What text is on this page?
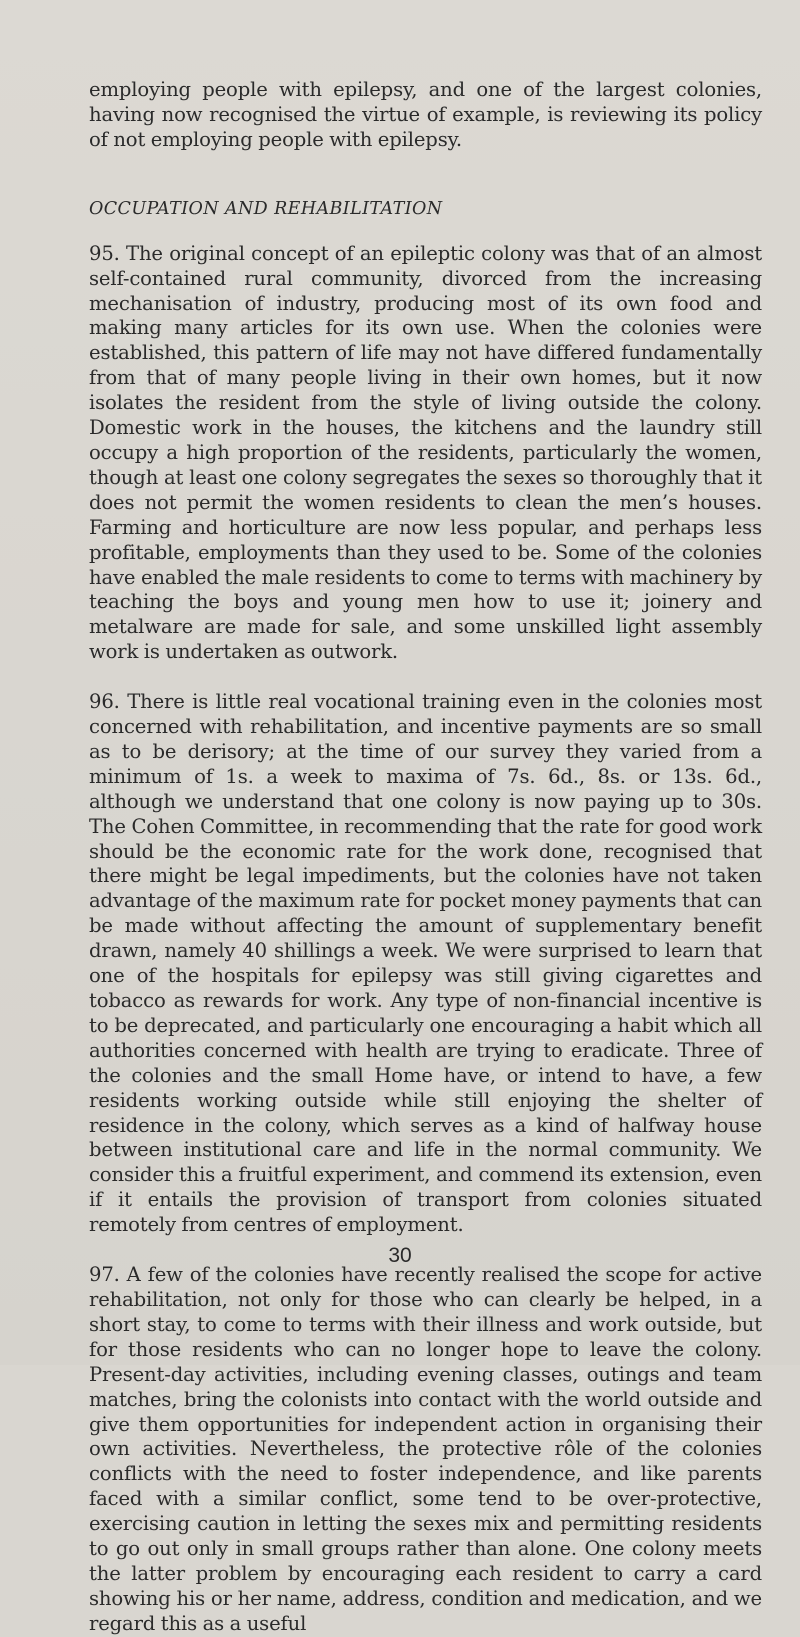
employing people with epilepsy, and one of the largest colonies, having now recognised the virtue of example, is reviewing its policy of not employing people with epilepsy.

OCCUPATION AND REHABILITATION

95. The original concept of an epileptic colony was that of an almost self-contained rural community, divorced from the increasing mechanisation of industry, producing most of its own food and making many articles for its own use. When the colonies were established, this pattern of life may not have differed fundamentally from that of many people living in their own homes, but it now isolates the resident from the style of living outside the colony. Domestic work in the houses, the kitchens and the laundry still occupy a high proportion of the residents, particularly the women, though at least one colony segregates the sexes so thoroughly that it does not permit the women residents to clean the men’s houses. Farming and horticulture are now less popular, and perhaps less profitable, employments than they used to be. Some of the colonies have enabled the male residents to come to terms with machinery by teaching the boys and young men how to use it; joinery and metalware are made for sale, and some unskilled light assembly work is undertaken as outwork.

96. There is little real vocational training even in the colonies most concerned with rehabilitation, and incentive payments are so small as to be derisory; at the time of our survey they varied from a minimum of 1s. a week to maxima of 7s. 6d., 8s. or 13s. 6d., although we understand that one colony is now paying up to 30s. The Cohen Committee, in recommending that the rate for good work should be the economic rate for the work done, recognised that there might be legal impediments, but the colonies have not taken advantage of the maximum rate for pocket money payments that can be made without affecting the amount of supplementary benefit drawn, namely 40 shillings a week. We were surprised to learn that one of the hospitals for epilepsy was still giving cigarettes and tobacco as rewards for work. Any type of non-financial incentive is to be deprecated, and particularly one encouraging a habit which all authorities concerned with health are trying to eradicate. Three of the colonies and the small Home have, or intend to have, a few residents working outside while still enjoying the shelter of residence in the colony, which serves as a kind of halfway house between institutional care and life in the normal community. We consider this a fruitful experiment, and commend its extension, even if it entails the provision of transport from colonies situated remotely from centres of employment.

97. A few of the colonies have recently realised the scope for active rehabilitation, not only for those who can clearly be helped, in a short stay, to come to terms with their illness and work outside, but for those residents who can no longer hope to leave the colony. Present-day activities, including evening classes, outings and team matches, bring the colonists into contact with the world outside and give them opportunities for independent action in organising their own activities. Nevertheless, the protective rôle of the colonies conflicts with the need to foster independence, and like parents faced with a similar conflict, some tend to be over-protective, exercising caution in letting the sexes mix and permitting residents to go out only in small groups rather than alone. One colony meets the latter problem by encouraging each resident to carry a card showing his or her name, address, condition and medication, and we regard this as a useful

30
